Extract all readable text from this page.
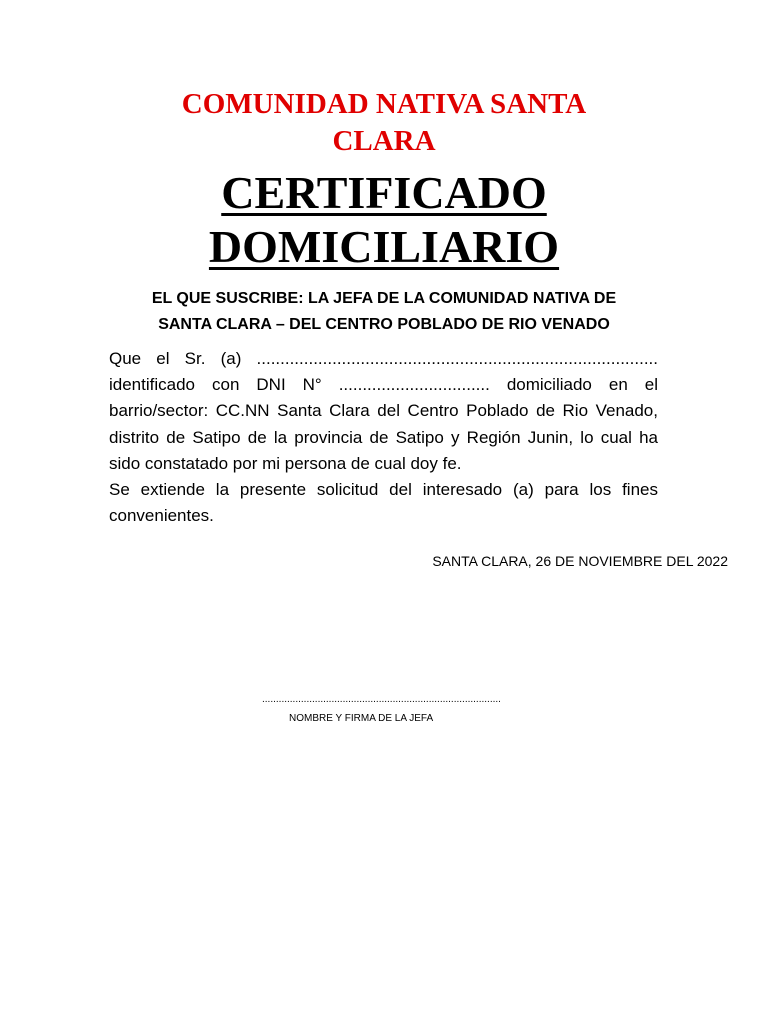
COMUNIDAD NATIVA SANTA CLARA
CERTIFICADO DOMICILIARIO
EL QUE SUSCRIBE: LA JEFA DE LA COMUNIDAD NATIVA DE
SANTA CLARA – DEL CENTRO POBLADO DE RIO VENADO

Que el Sr. (a) ..................................................................................... identificado con DNI N° ................................ domiciliado en el barrio/sector: CC.NN Santa Clara del Centro Poblado de Rio Venado, distrito de Satipo de la provincia de Satipo y Región Junin, lo cual ha sido constatado por mi persona de cual doy fe.

Se extiende la presente solicitud del interesado (a) para los fines convenientes.

SANTA CLARA, 26 DE NOVIEMBRE DEL 2022
......................................................................................
NOMBRE Y FIRMA DE LA JEFA
